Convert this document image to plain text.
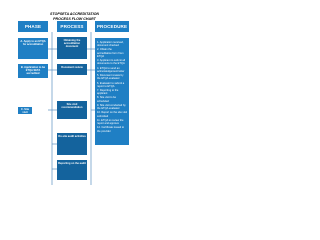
STOPSETA ACCREDITATION
PROCESS FLOW CHART
PHASE	PROCESS	PROCEDURE
A. Apply to an ETQA for accreditation
Obtaining the accreditation document
B. Application to be ETQA SETA accredited
Document review
C. Site visit
Site visit recommendation
On-site audit activities
Reporting on the audit
1. Application received, document checked
2. Obtain the accreditation form from ETQA
3. Applicant to submit all documents to the ETQA
4. ETQA to send an acknowledgement letter
5. Document review by the ETQA evaluator
6. Evaluator to submit a report to ETQA
7. Reporting to the applicant
8. Site visit to be scheduled
9. Site visit conducted by the ETQA evaluator
10. Report on the site visit submitted
11. ETQA to review the report and approve
12. Certificate issued to the provider
